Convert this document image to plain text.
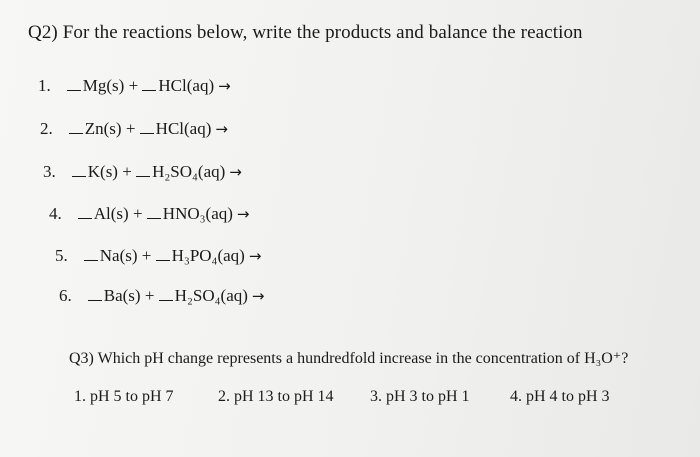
Q2) For the reactions below, write the products and balance the reaction
1. Mg(s) + HCl(aq) →
2. Zn(s) + HCl(aq) →
3. K(s) + H₂SO₄(aq) →
4. Al(s) + HNO₃(aq) →
5. Na(s) + H₃PO₄(aq) →
6. Ba(s) + H₂SO₄(aq) →
Q3) Which pH change represents a hundredfold increase in the concentration of H₃O⁺?
1. pH 5 to pH 7	2. pH 13 to pH 14 3. pH 3 to pH 1	4. pH 4 to pH 3
